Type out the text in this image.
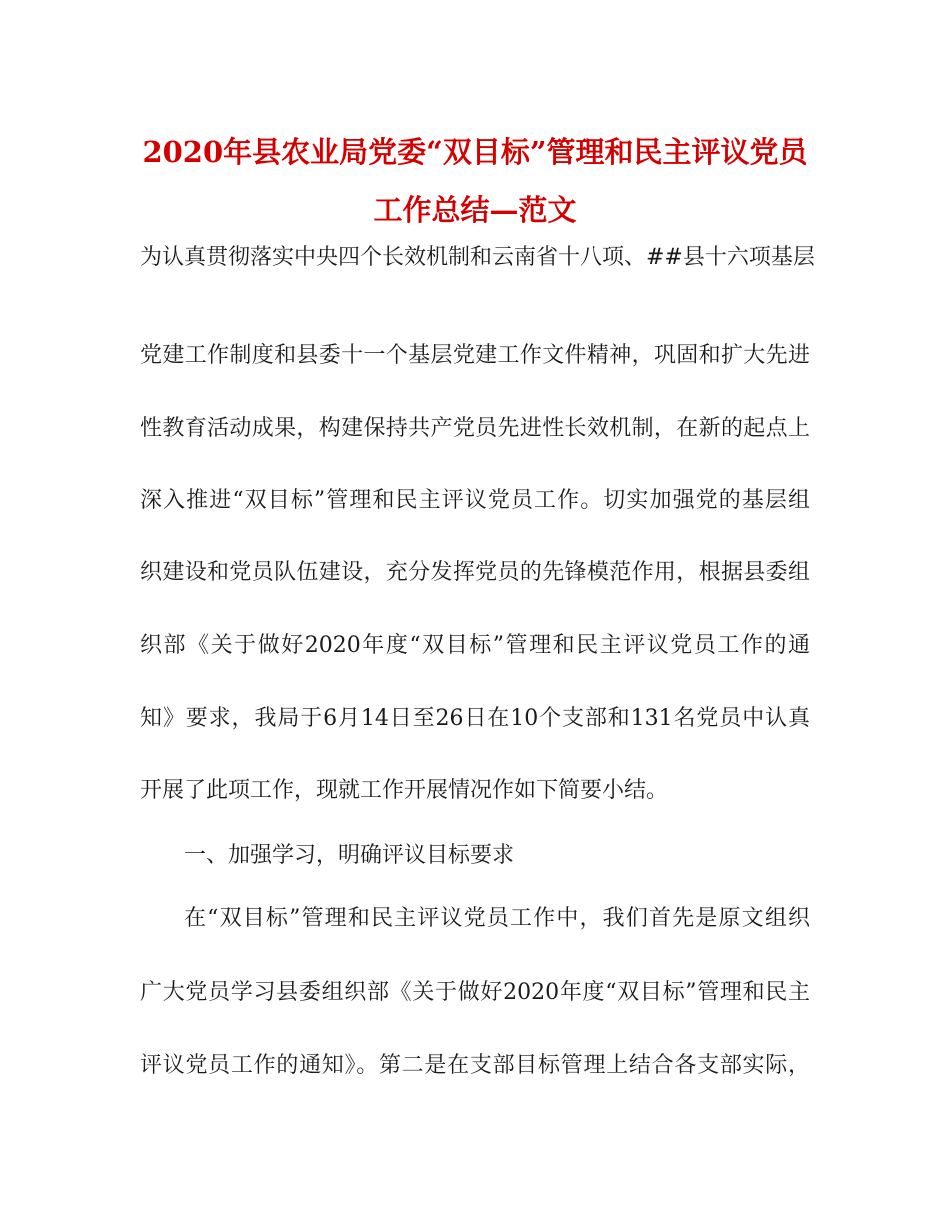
2020年县农业局党委“双目标”管理和民主评议党员
工作总结—范文
为认真贯彻落实中央四个长效机制和云南省十八项、##县十六项基层
党建工作制度和县委十一个基层党建工作文件精神，巩固和扩大先进
性教育活动成果，构建保持共产党员先进性长效机制，在新的起点上
深入推进“双目标”管理和民主评议党员工作。切实加强党的基层组
织建设和党员队伍建设，充分发挥党员的先锋模范作用，根据县委组
织部《关于做好2020年度“双目标”管理和民主评议党员工作的通
知》要求，我局于6月14日至26日在10个支部和131名党员中认真
开展了此项工作，现就工作开展情况作如下简要小结。
一、加强学习，明确评议目标要求
在“双目标”管理和民主评议党员工作中，我们首先是原文组织
广大党员学习县委组织部《关于做好2020年度“双目标”管理和民主
评议党员工作的通知》。第二是在支部目标管理上结合各支部实际，
